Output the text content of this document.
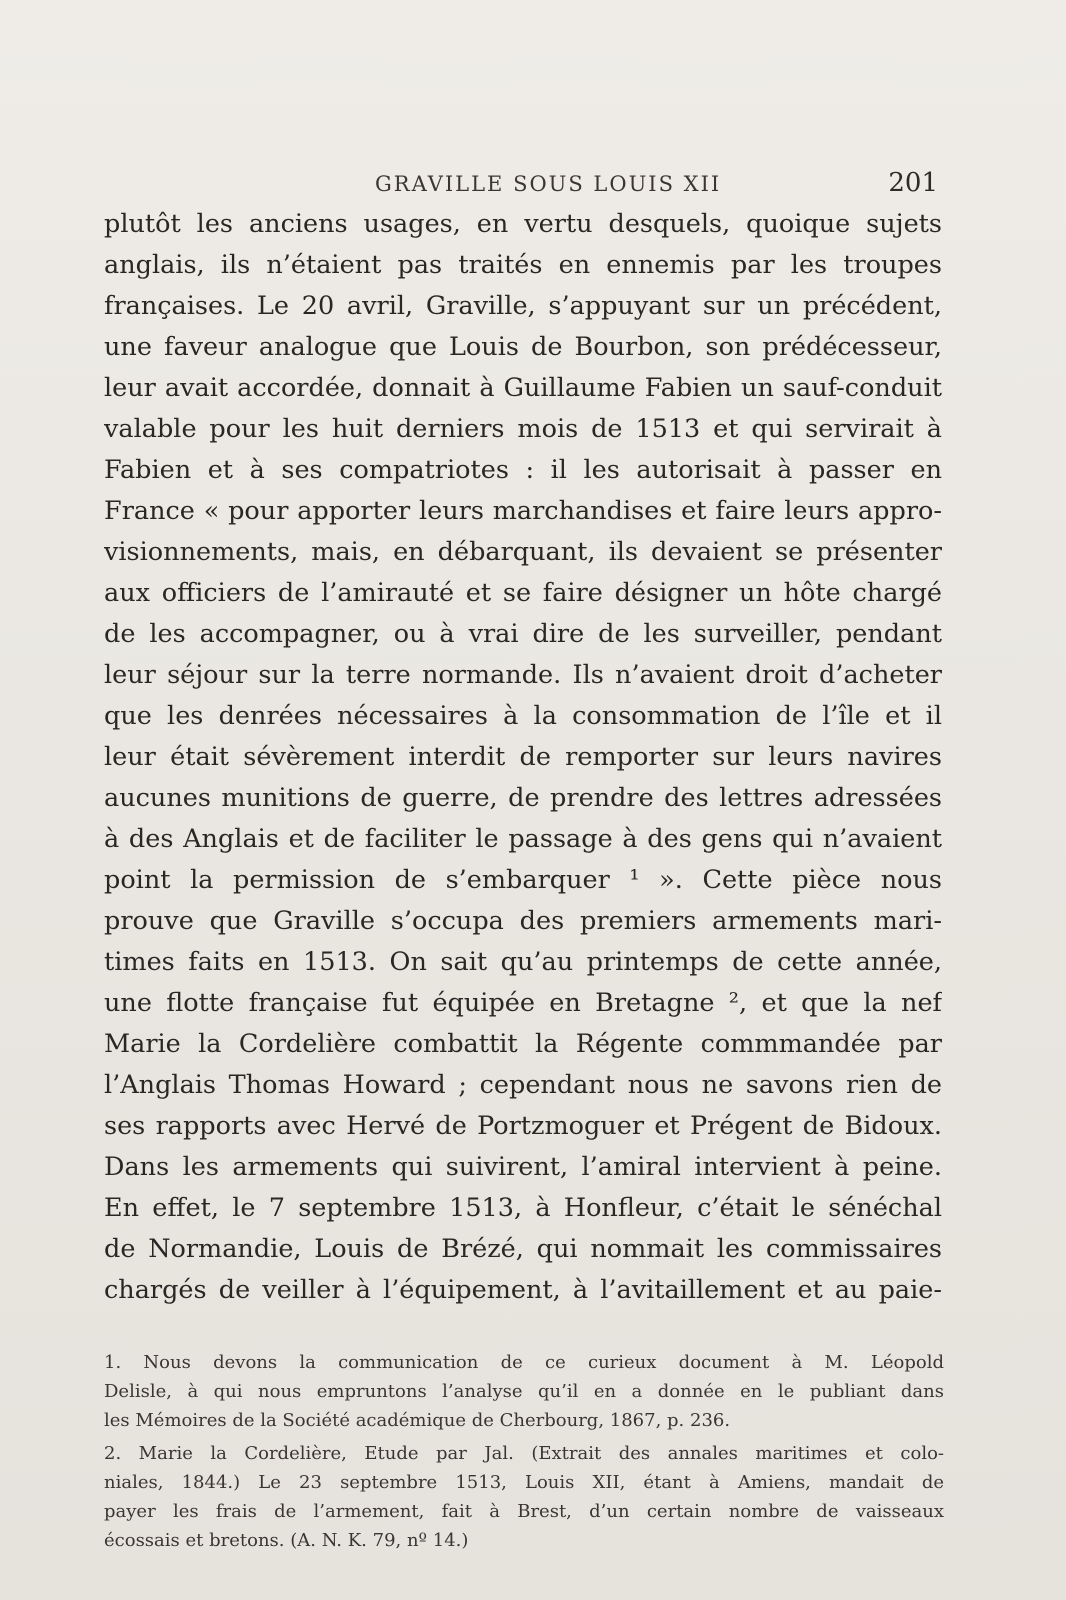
GRAVILLE SOUS LOUIS XII	201
plutôt les anciens usages, en vertu desquels, quoique sujets
anglais, ils n’étaient pas traités en ennemis par les troupes
françaises. Le 20 avril, Graville, s’appuyant sur un précédent,
une faveur analogue que Louis de Bourbon, son prédécesseur,
leur avait accordée, donnait à Guillaume Fabien un sauf-conduit
valable pour les huit derniers mois de 1513 et qui servirait à
Fabien et à ses compatriotes : il les autorisait à passer en
France « pour apporter leurs marchandises et faire leurs appro-
visionnements, mais, en débarquant, ils devaient se présenter
aux officiers de l’amirauté et se faire désigner un hôte chargé
de les accompagner, ou à vrai dire de les surveiller, pendant
leur séjour sur la terre normande. Ils n’avaient droit d’acheter
que les denrées nécessaires à la consommation de l’île et il
leur était sévèrement interdit de remporter sur leurs navires
aucunes munitions de guerre, de prendre des lettres adressées
à des Anglais et de faciliter le passage à des gens qui n’avaient
point la permission de s’embarquer ¹ ». Cette pièce nous
prouve que Graville s’occupa des premiers armements mari-
times faits en 1513. On sait qu’au printemps de cette année,
une flotte française fut équipée en Bretagne ², et que la nef
Marie la Cordelière combattit la Régente commmandée par
l’Anglais Thomas Howard ; cependant nous ne savons rien de
ses rapports avec Hervé de Portzmoguer et Prégent de Bidoux.
Dans les armements qui suivirent, l’amiral intervient à peine.
En effet, le 7 septembre 1513, à Honfleur, c’était le sénéchal
de Normandie, Louis de Brézé, qui nommait les commissaires
chargés de veiller à l’équipement, à l’avitaillement et au paie-
1. Nous devons la communication de ce curieux document à M. Léopold
Delisle, à qui nous empruntons l’analyse qu’il en a donnée en le publiant dans
les Mémoires de la Société académique de Cherbourg, 1867, p. 236.
2. Marie la Cordelière, Etude par Jal. (Extrait des annales maritimes et colo-
niales, 1844.) Le 23 septembre 1513, Louis XII, étant à Amiens, mandait de
payer les frais de l’armement, fait à Brest, d’un certain nombre de vaisseaux
écossais et bretons. (A. N. K. 79, nº 14.)
